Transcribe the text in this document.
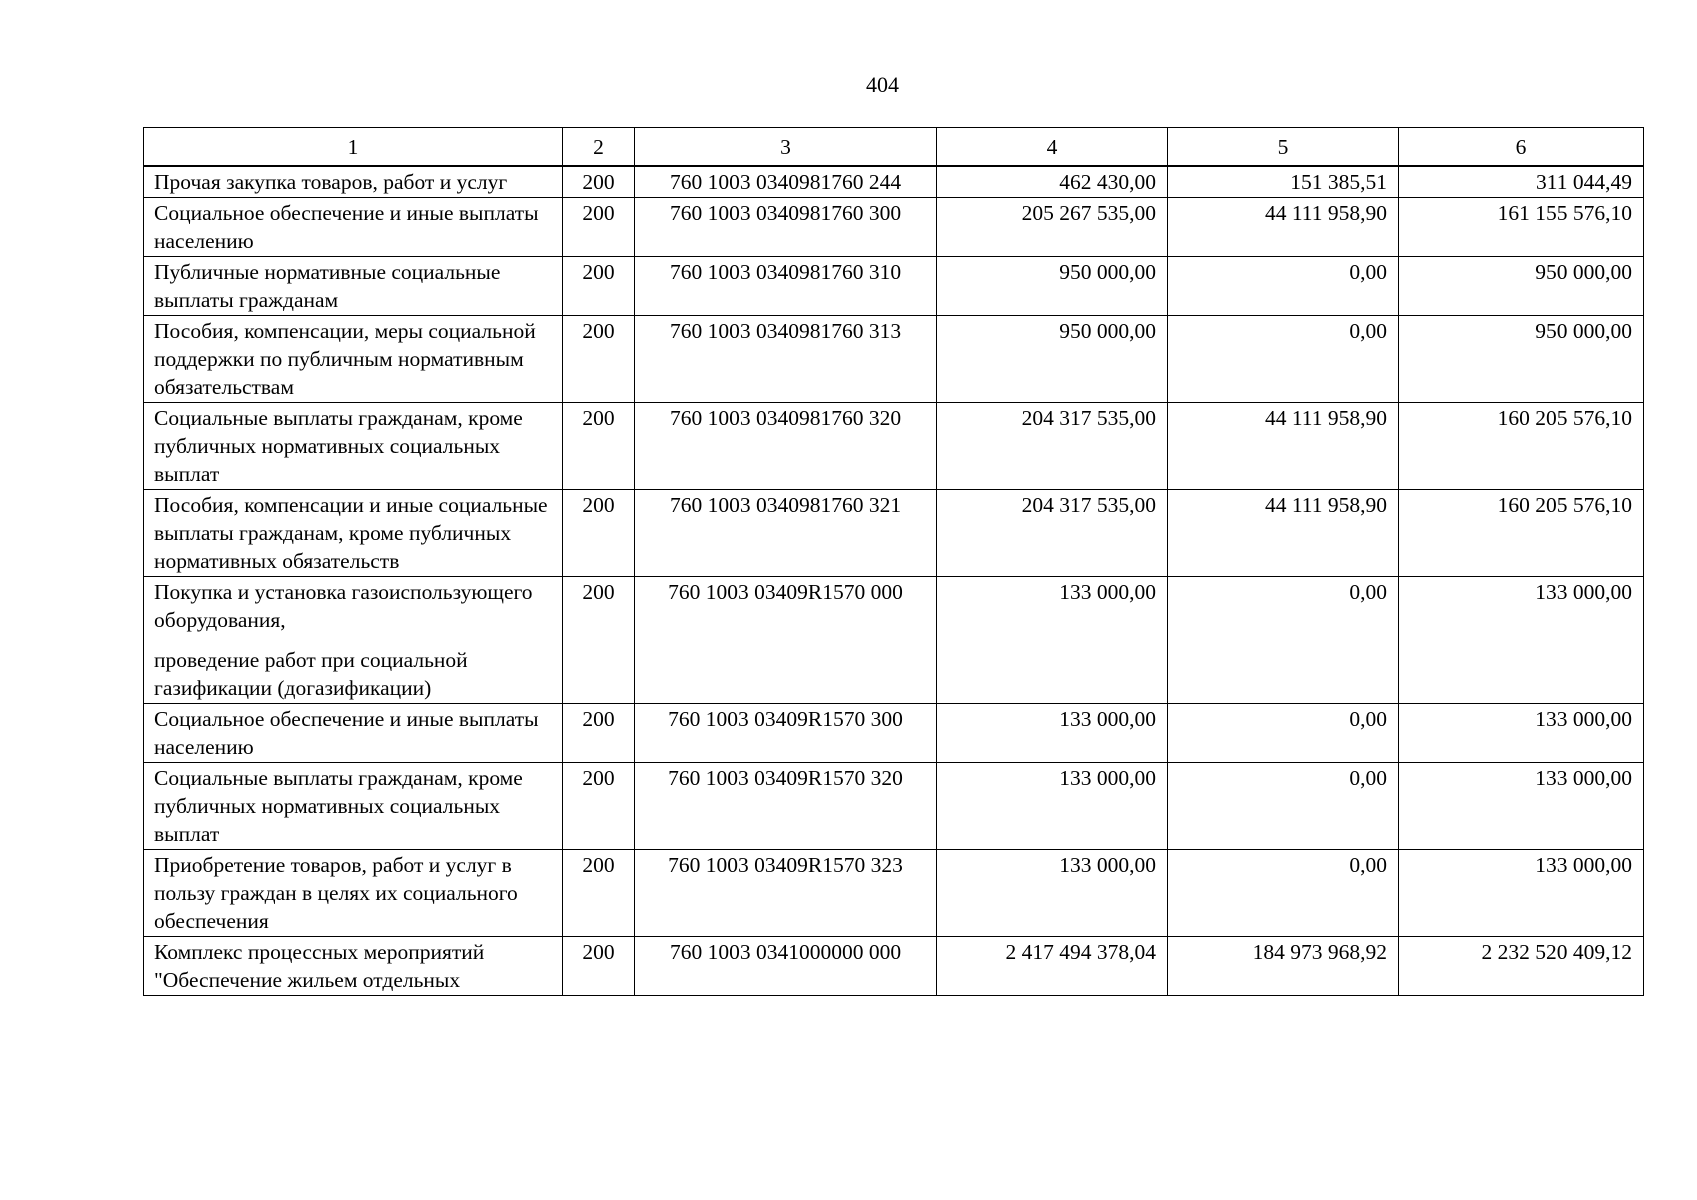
404
1	2	3	4	5	6

Прочая закупка товаров, работ и услуг	200	760 1003 0340981760 244	462 430,00	151 385,51	311 044,49

Социальное обеспечение и иные выплаты населению	200	760 1003 0340981760 300	205 267 535,00	44 111 958,90	161 155 576,10

Публичные нормативные социальные выплаты гражданам	200	760 1003 0340981760 310	950 000,00	0,00	950 000,00

Пособия, компенсации, меры социальной поддержки по публичным нормативным обязательствам	200	760 1003 0340981760 313	950 000,00	0,00	950 000,00

Социальные выплаты гражданам, кроме публичных нормативных социальных выплат	200	760 1003 0340981760 320	204 317 535,00	44 111 958,90	160 205 576,10

Пособия, компенсации и иные социальные выплаты гражданам, кроме публичных нормативных обязательств	200	760 1003 0340981760 321	204 317 535,00	44 111 958,90	160 205 576,10

Покупка и установка газоиспользующего оборудования,
проведение работ при социальной газификации (догазификации)	200	760 1003 03409R1570 000	133 000,00	0,00	133 000,00

Социальное обеспечение и иные выплаты населению	200	760 1003 03409R1570 300	133 000,00	0,00	133 000,00

Социальные выплаты гражданам, кроме публичных нормативных социальных выплат	200	760 1003 03409R1570 320	133 000,00	0,00	133 000,00

Приобретение товаров, работ и услуг в пользу граждан в целях их социального обеспечения	200	760 1003 03409R1570 323	133 000,00	0,00	133 000,00

Комплекс процессных мероприятий "Обеспечение жильем отдельных	200	760 1003 0341000000 000	2 417 494 378,04	184 973 968,92	2 232 520 409,12
